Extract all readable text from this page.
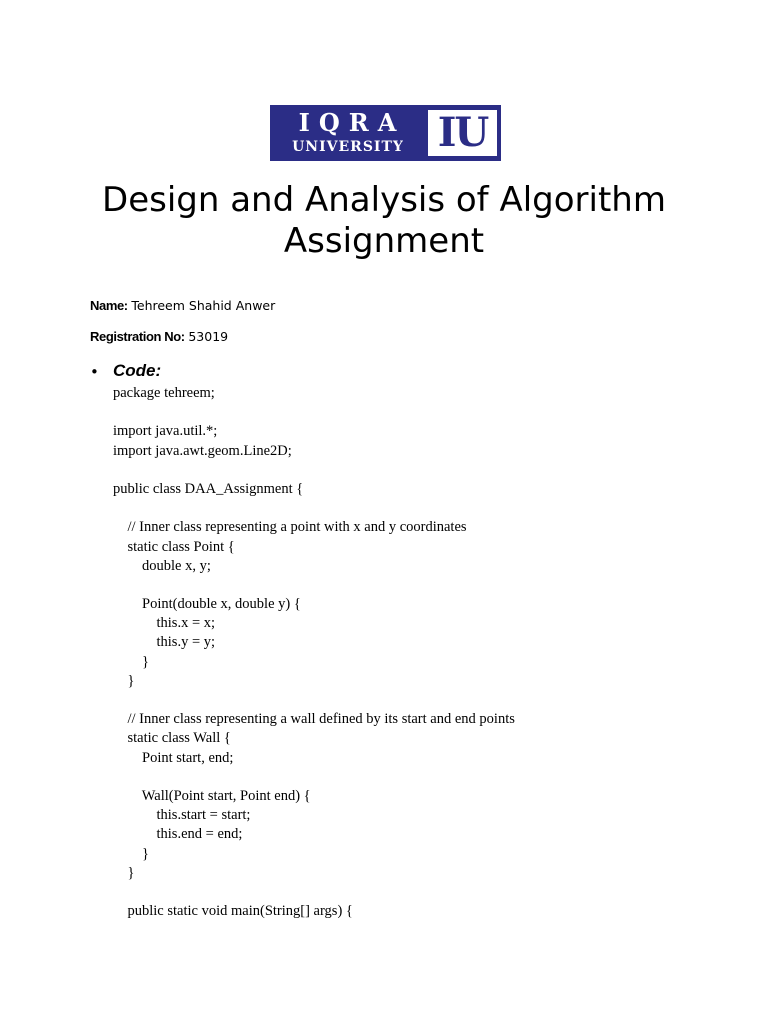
IQRA
UNIVERSITY IU
Design and Analysis of Algorithm
Assignment
Name: Tehreem Shahid Anwer
Registration No: 53019
• Code:
package tehreem;
import java.util.*;
import java.awt.geom.Line2D;
public class DAA_Assignment {
// Inner class representing a point with x and y coordinates
static class Point {
double x, y;
Point(double x, double y) {
this.x = x;
this.y = y;
}
}
// Inner class representing a wall defined by its start and end points
static class Wall {
Point start, end;
Wall(Point start, Point end) {
this.start = start;
this.end = end;
}
}
public static void main(String[] args) {
